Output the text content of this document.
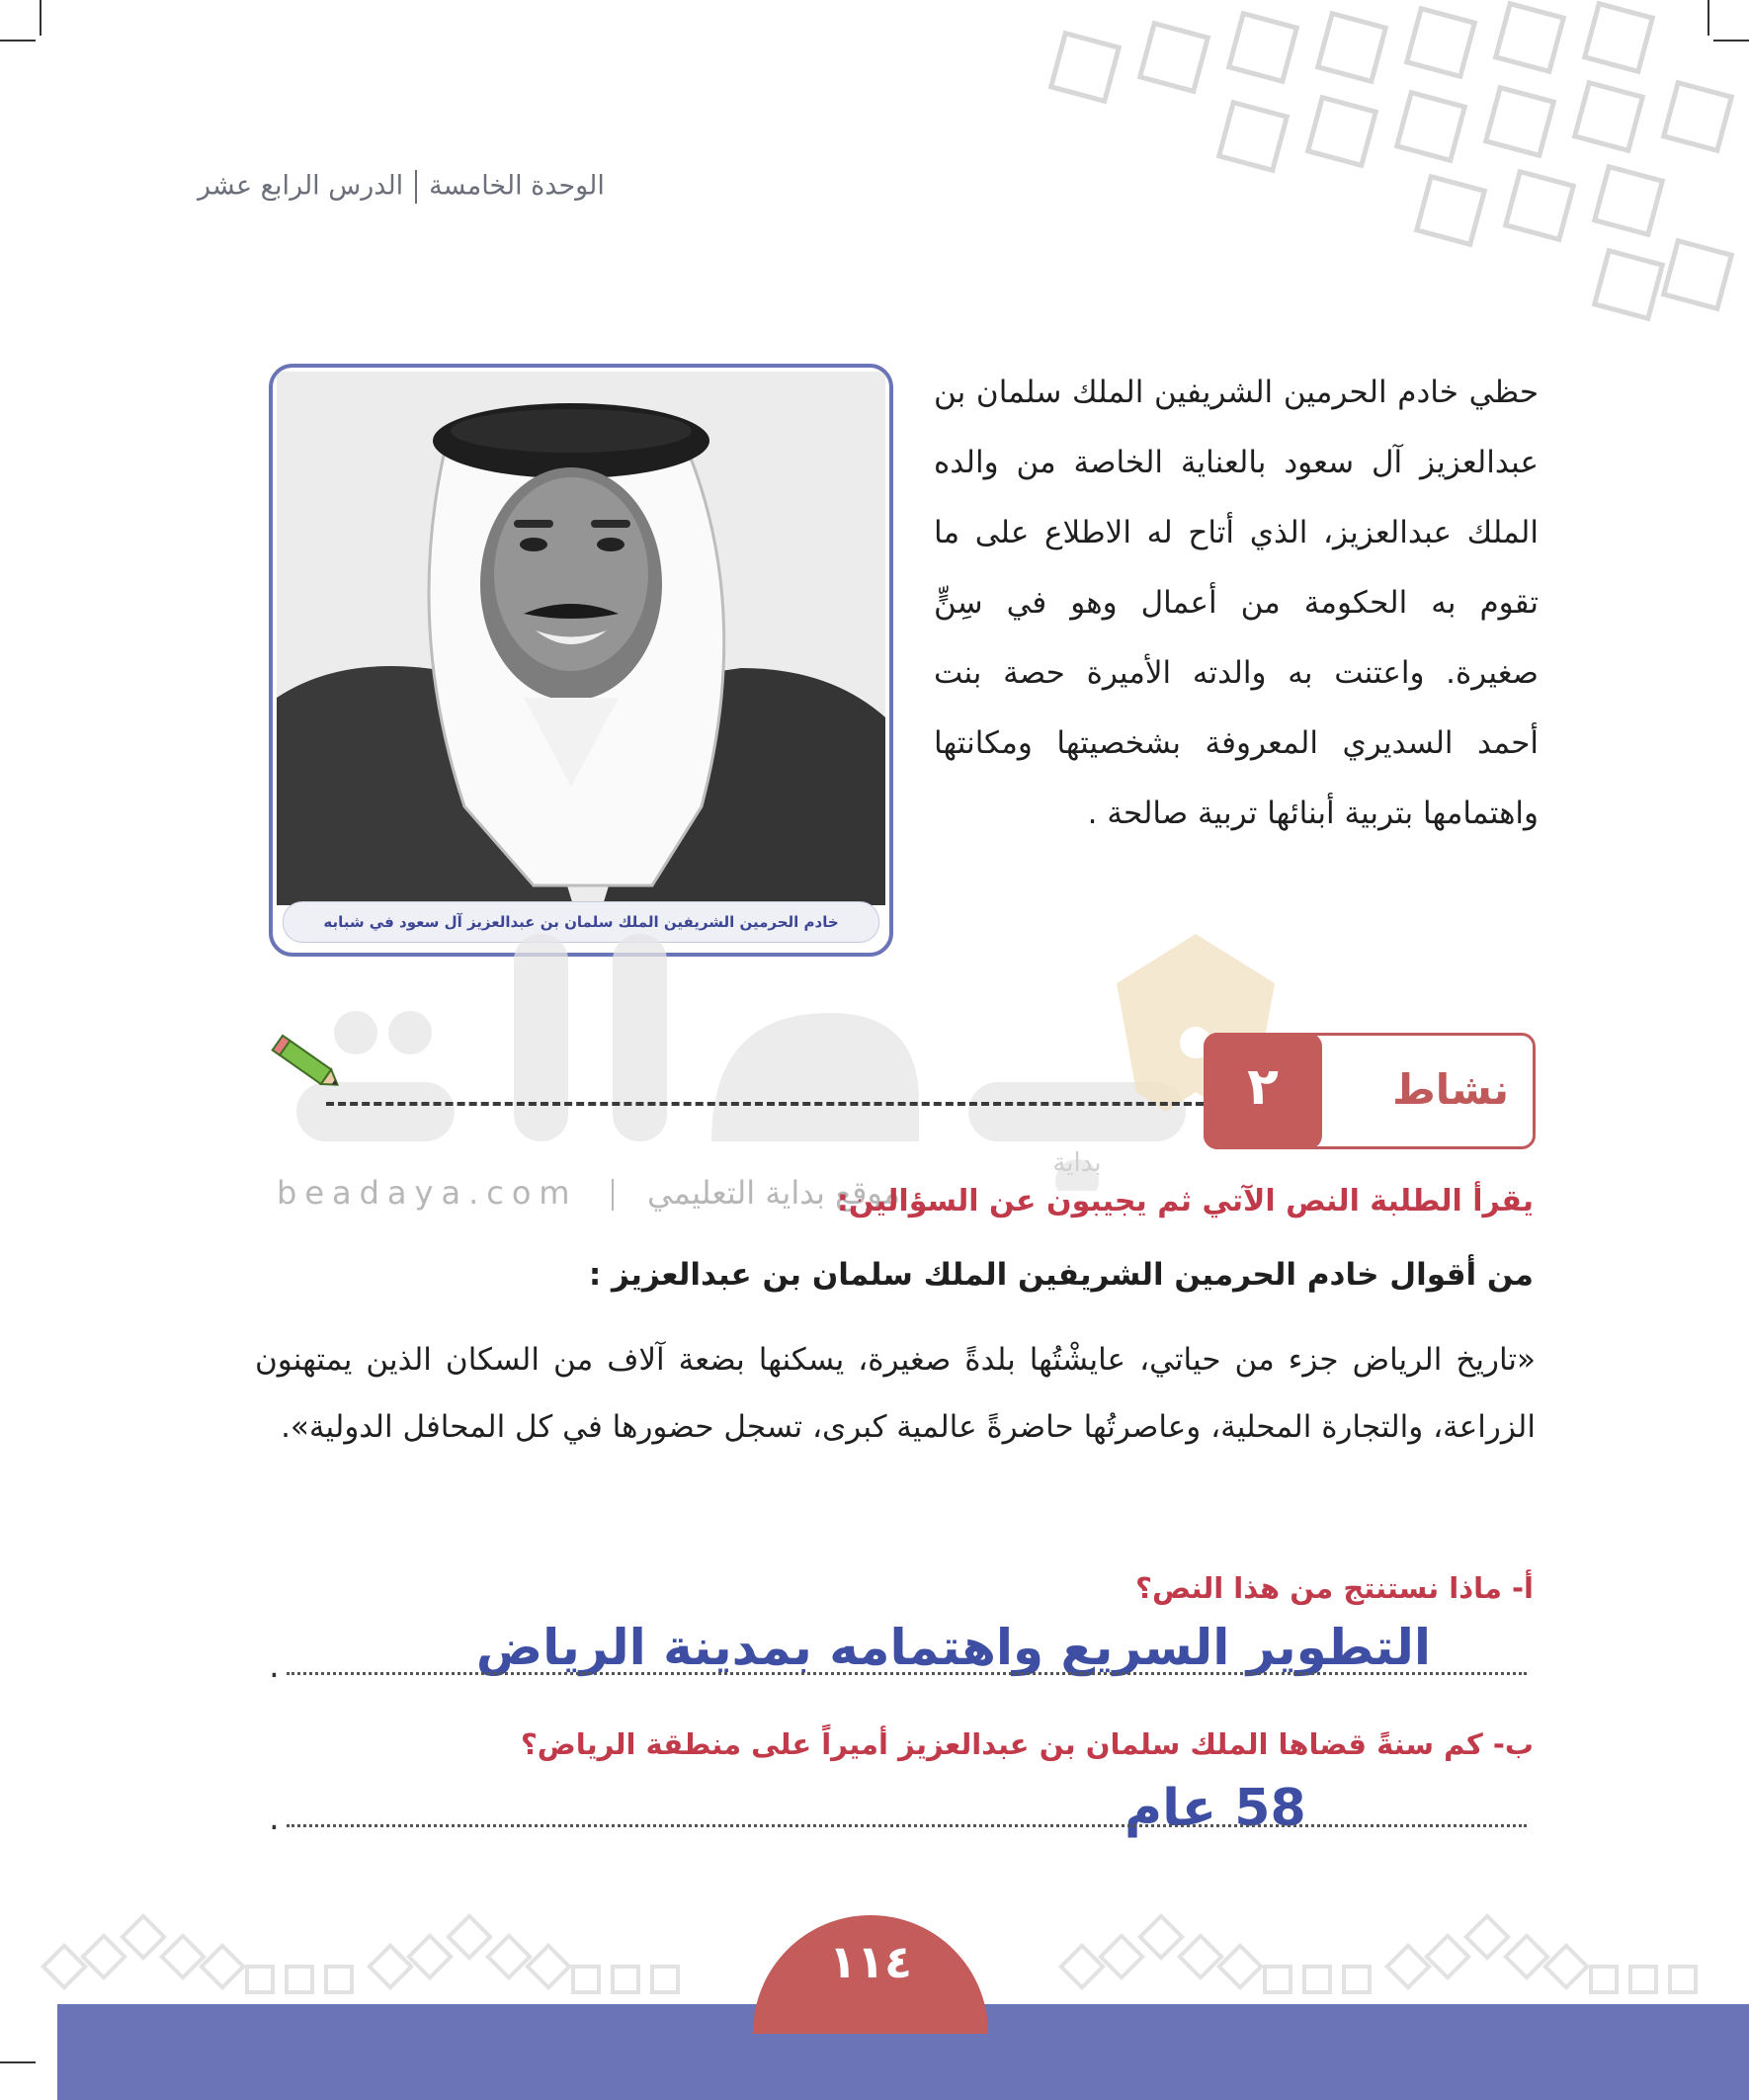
الوحدة الخامسةالدرس الرابع عشر
خادم الحرمين الشريفين الملك سلمان بن عبدالعزيز آل سعود في شبابه
حظي خادم الحرمين الشريفين الملك سلمان بن عبدالعزيز آل سعود بالعناية الخاصة من والده الملك عبدالعزيز، الذي أتاح له الاطلاع على ما تقوم به الحكومة من أعمال وهو في سِنٍّ صغيرة. واعتنت به والدته الأميرة حصة بنت أحمد السديري المعروفة بشخصيتها ومكانتها واهتمامها بتربية أبنائها تربية صالحة .
بداية
beadaya.com موقع بداية التعليمي
نشاط
٢
يقرأ الطلبة النص الآتي ثم يجيبون عن السؤالين:
من أقوال خادم الحرمين الشريفين الملك سلمان بن عبدالعزيز :
«تاريخ الرياض جزء من حياتي، عايشْتُها بلدةً صغيرة، يسكنها بضعة آلاف من السكان الذين يمتهنون الزراعة، والتجارة المحلية، وعاصرتُها حاضرةً عالمية كبرى، تسجل حضورها في كل المحافل الدولية».
أ- ماذا نستنتج من هذا النص؟
التطوير السريع واهتمامه بمدينة الرياض
.
ب- كم سنةً قضاها الملك سلمان بن عبدالعزيز أميراً على منطقة الرياض؟
58 عام
.
١١٤
